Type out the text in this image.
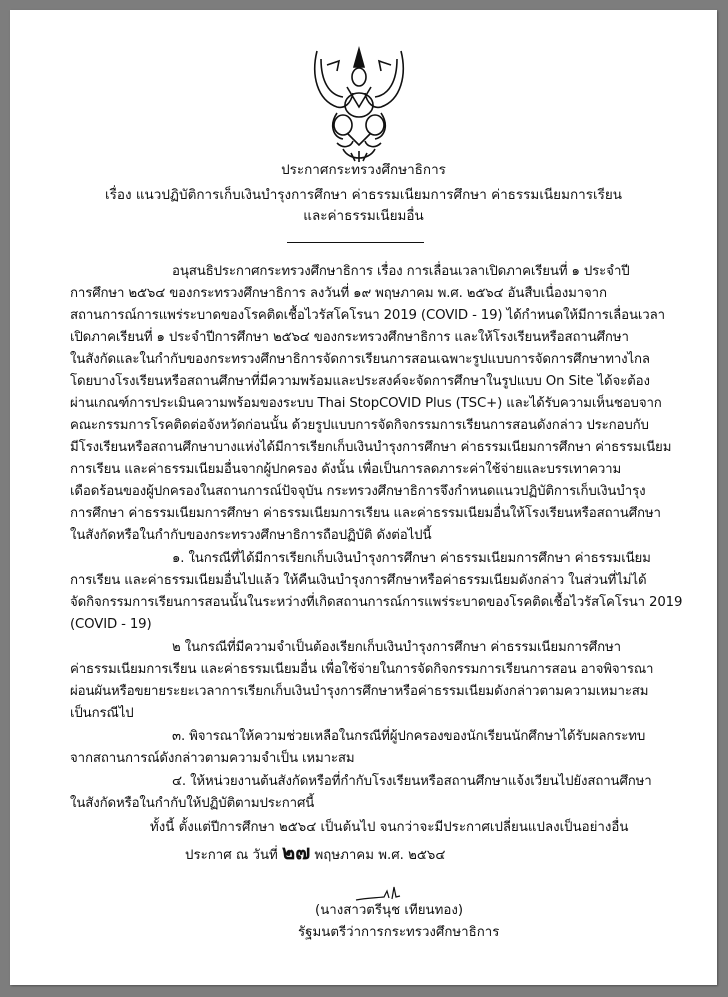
ประกาศกระทรวงศึกษาธิการ
เรื่อง แนวปฏิบัติการเก็บเงินบำรุงการศึกษา ค่าธรรมเนียมการศึกษา ค่าธรรมเนียมการเรียน
และค่าธรรมเนียมอื่น
อนุสนธิประกาศกระทรวงศึกษาธิการ เรื่อง การเลื่อนเวลาเปิดภาคเรียนที่ ๑ ประจำปี
การศึกษา ๒๕๖๔ ของกระทรวงศึกษาธิการ ลงวันที่ ๑๙ พฤษภาคม พ.ศ. ๒๕๖๔ อันสืบเนื่องมาจาก
สถานการณ์การแพร่ระบาดของโรคติดเชื้อไวรัสโคโรนา 2019 (COVID - 19) ได้กำหนดให้มีการเลื่อนเวลา
เปิดภาคเรียนที่ ๑ ประจำปีการศึกษา ๒๕๖๔ ของกระทรวงศึกษาธิการ และให้โรงเรียนหรือสถานศึกษา
ในสังกัดและในกำกับของกระทรวงศึกษาธิการจัดการเรียนการสอนเฉพาะรูปแบบการจัดการศึกษาทางไกล
โดยบางโรงเรียนหรือสถานศึกษาที่มีความพร้อมและประสงค์จะจัดการศึกษาในรูปแบบ On Site ได้จะต้อง
ผ่านเกณฑ์การประเมินความพร้อมของระบบ Thai StopCOVID Plus (TSC+) และได้รับความเห็นชอบจาก
คณะกรรมการโรคติดต่อจังหวัดก่อนนั้น ด้วยรูปแบบการจัดกิจกรรมการเรียนการสอนดังกล่าว ประกอบกับ
มีโรงเรียนหรือสถานศึกษาบางแห่งได้มีการเรียกเก็บเงินบำรุงการศึกษา ค่าธรรมเนียมการศึกษา ค่าธรรมเนียม
การเรียน และค่าธรรมเนียมอื่นจากผู้ปกครอง ดังนั้น เพื่อเป็นการลดภาระค่าใช้จ่ายและบรรเทาความ
เดือดร้อนของผู้ปกครองในสถานการณ์ปัจจุบัน กระทรวงศึกษาธิการจึงกำหนดแนวปฏิบัติการเก็บเงินบำรุง
การศึกษา ค่าธรรมเนียมการศึกษา ค่าธรรมเนียมการเรียน และค่าธรรมเนียมอื่นให้โรงเรียนหรือสถานศึกษา
ในสังกัดหรือในกำกับของกระทรวงศึกษาธิการถือปฏิบัติ ดังต่อไปนี้
๑. ในกรณีที่ได้มีการเรียกเก็บเงินบำรุงการศึกษา ค่าธรรมเนียมการศึกษา ค่าธรรมเนียม
การเรียน และค่าธรรมเนียมอื่นไปแล้ว ให้คืนเงินบำรุงการศึกษาหรือค่าธรรมเนียมดังกล่าว ในส่วนที่ไม่ได้
จัดกิจกรรมการเรียนการสอนนั้นในระหว่างที่เกิดสถานการณ์การแพร่ระบาดของโรคติดเชื้อไวรัสโคโรนา 2019
(COVID - 19)
๒ ในกรณีที่มีความจำเป็นต้องเรียกเก็บเงินบำรุงการศึกษา ค่าธรรมเนียมการศึกษา
ค่าธรรมเนียมการเรียน และค่าธรรมเนียมอื่น เพื่อใช้จ่ายในการจัดกิจกรรมการเรียนการสอน อาจพิจารณา
ผ่อนผันหรือขยายระยะเวลาการเรียกเก็บเงินบำรุงการศึกษาหรือค่าธรรมเนียมดังกล่าวตามความเหมาะสม
เป็นกรณีไป
๓. พิจารณาให้ความช่วยเหลือในกรณีที่ผู้ปกครองของนักเรียนนักศึกษาได้รับผลกระทบ
จากสถานการณ์ดังกล่าวตามความจำเป็น เหมาะสม
๔. ให้หน่วยงานต้นสังกัดหรือที่กำกับโรงเรียนหรือสถานศึกษาแจ้งเวียนไปยังสถานศึกษา
ในสังกัดหรือในกำกับให้ปฏิบัติตามประกาศนี้
ทั้งนี้ ตั้งแต่ปีการศึกษา ๒๕๖๔ เป็นต้นไป จนกว่าจะมีประกาศเปลี่ยนแปลงเป็นอย่างอื่น
ประกาศ ณ วันที่ ๒๗ พฤษภาคม พ.ศ. ๒๕๖๔
(นางสาวตรีนุช เทียนทอง)
รัฐมนตรีว่าการกระทรวงศึกษาธิการ
